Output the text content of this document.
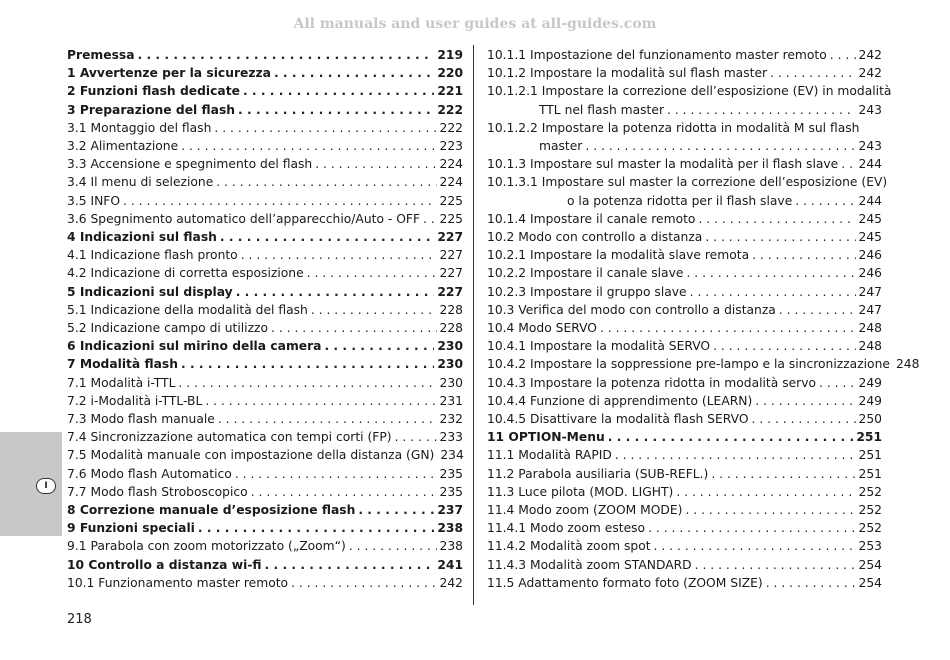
All manuals and user guides at all-guides.com
I
Premessa . . .	219
1 Avvertenze per la sicurezza . . .	220
2 Funzioni flash dedicate . . .	221
3 Preparazione del flash . . .	222
3.1 Montaggio del flash . . .	222
3.2 Alimentazione . . .	223
3.3 Accensione e spegnimento del flash . . .	224
3.4 Il menu di selezione . . .	224
3.5 INFO . . .	225
3.6 Spegnimento automatico dell’apparecchio/Auto - OFF . . . 225
4 Indicazioni sul flash . . .	227
4.1 Indicazione flash pronto . . .	227
4.2 Indicazione di corretta esposizione . . .	227
5 Indicazioni sul display . . .	227
5.1 Indicazione della modalità del flash . . .	228
5.2 Indicazione campo di utilizzo . . .	228
6 Indicazioni sul mirino della camera . . .	230
7 Modalità flash . . .	230
7.1 Modalità i-TTL . . .	230
7.2 i-Modalità i-TTL-BL . . .	231
7.3 Modo flash manuale . . .	232
7.4 Sincronizzazione automatica con tempi corti (FP) . . .	233
7.5 Modalità manuale con impostazione della distanza (GN) 234
7.6 Modo flash Automatico . . .	235
7.7 Modo flash Stroboscopico . . .	235
8 Correzione manuale d’esposizione flash . . .	237
9 Funzioni speciali . . .	238
9.1 Parabola con zoom motorizzato („Zoom“) . . .	238
10 Controllo a distanza wi-fi . . .	241
10.1 Funzionamento master remoto . . .	242
10.1.1 Impostazione del funzionamento master remoto . . .	242
10.1.2 Impostare la modalità sul flash master . . .	242
10.1.2.1 Impostare la correzione dell’esposizione (EV) in modalità
TTL nel flash master . . .	243
10.1.2.2 Impostare la potenza ridotta in modalità M sul flash
master . . .	243
10.1.3 Impostare sul master la modalità per il flash slave . . . 244
10.1.3.1 Impostare sul master la correzione dell’esposizione (EV)
o la potenza ridotta per il flash slave . . .	244
10.1.4 Impostare il canale remoto . . .	245
10.2 Modo con controllo a distanza . . .	245
10.2.1 Impostare la modalità slave remota . . .	246
10.2.2 Impostare il canale slave . . .	246
10.2.3 Impostare il gruppo slave . . .	247
10.3 Verifica del modo con controllo a distanza . . .	247
10.4 Modo SERVO . . .	248
10.4.1 Impostare la modalità SERVO . . .	248
10.4.2 Impostare la soppressione pre-lampo e la sincronizzazione 248
10.4.3 Impostare la potenza ridotta in modalità servo . . .	249
10.4.4 Funzione di apprendimento (LEARN) . . .	249
10.4.5 Disattivare la modalità flash SERVO . . .	250
11 OPTION-Menu . . .	251
11.1 Modalità RAPID . . .	251
11.2 Parabola ausiliaria (SUB-REFL.) . . .	251
11.3 Luce pilota (MOD. LIGHT) . . .	252
11.4 Modo zoom (ZOOM MODE) . . .	252
11.4.1 Modo zoom esteso . . .	252
11.4.2 Modalità zoom spot . . .	253
11.4.3 Modalità zoom STANDARD . . .	254
11.5 Adattamento formato foto (ZOOM SIZE) . . .	254
218
